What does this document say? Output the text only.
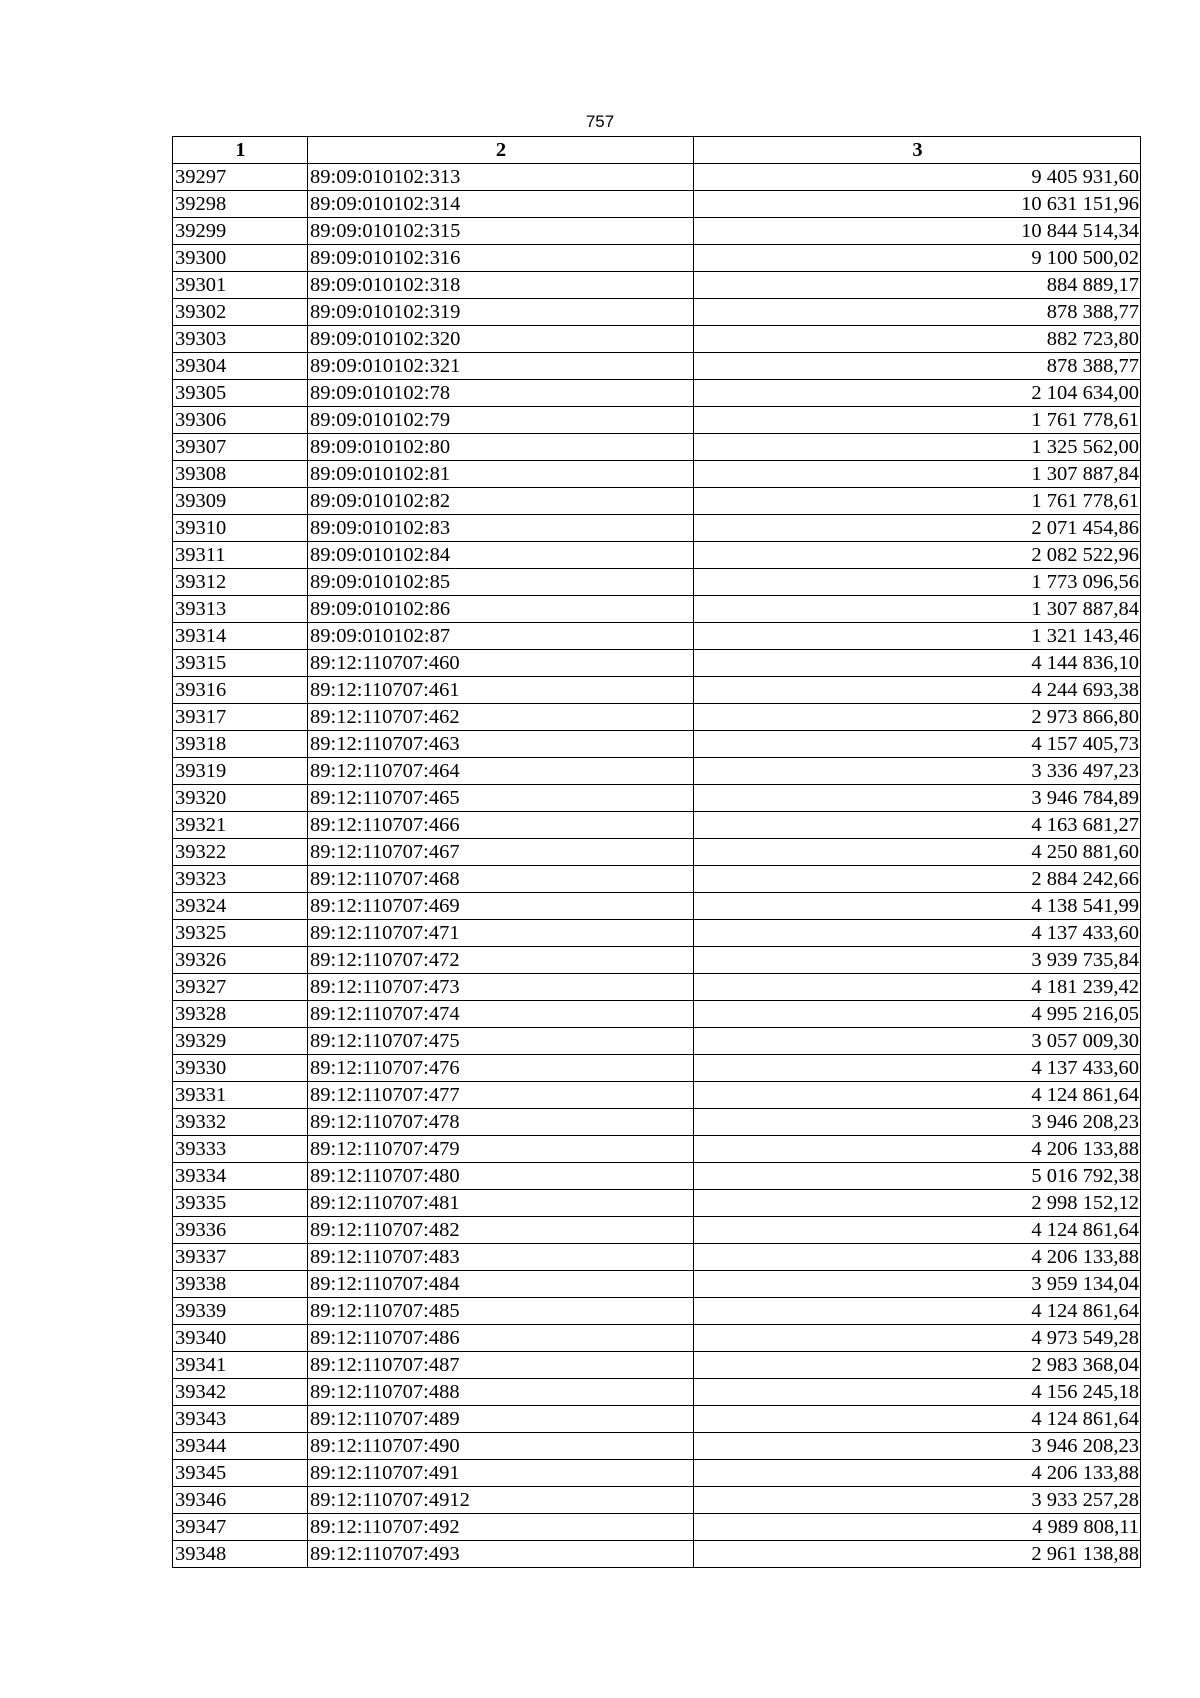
757
1	2	3
39297	89:09:010102:313	9 405 931,60
39298	89:09:010102:314	10 631 151,96
39299	89:09:010102:315	10 844 514,34
39300	89:09:010102:316	9 100 500,02
39301	89:09:010102:318	884 889,17
39302	89:09:010102:319	878 388,77
39303	89:09:010102:320	882 723,80
39304	89:09:010102:321	878 388,77
39305	89:09:010102:78	2 104 634,00
39306	89:09:010102:79	1 761 778,61
39307	89:09:010102:80	1 325 562,00
39308	89:09:010102:81	1 307 887,84
39309	89:09:010102:82	1 761 778,61
39310	89:09:010102:83	2 071 454,86
39311	89:09:010102:84	2 082 522,96
39312	89:09:010102:85	1 773 096,56
39313	89:09:010102:86	1 307 887,84
39314	89:09:010102:87	1 321 143,46
39315	89:12:110707:460	4 144 836,10
39316	89:12:110707:461	4 244 693,38
39317	89:12:110707:462	2 973 866,80
39318	89:12:110707:463	4 157 405,73
39319	89:12:110707:464	3 336 497,23
39320	89:12:110707:465	3 946 784,89
39321	89:12:110707:466	4 163 681,27
39322	89:12:110707:467	4 250 881,60
39323	89:12:110707:468	2 884 242,66
39324	89:12:110707:469	4 138 541,99
39325	89:12:110707:471	4 137 433,60
39326	89:12:110707:472	3 939 735,84
39327	89:12:110707:473	4 181 239,42
39328	89:12:110707:474	4 995 216,05
39329	89:12:110707:475	3 057 009,30
39330	89:12:110707:476	4 137 433,60
39331	89:12:110707:477	4 124 861,64
39332	89:12:110707:478	3 946 208,23
39333	89:12:110707:479	4 206 133,88
39334	89:12:110707:480	5 016 792,38
39335	89:12:110707:481	2 998 152,12
39336	89:12:110707:482	4 124 861,64
39337	89:12:110707:483	4 206 133,88
39338	89:12:110707:484	3 959 134,04
39339	89:12:110707:485	4 124 861,64
39340	89:12:110707:486	4 973 549,28
39341	89:12:110707:487	2 983 368,04
39342	89:12:110707:488	4 156 245,18
39343	89:12:110707:489	4 124 861,64
39344	89:12:110707:490	3 946 208,23
39345	89:12:110707:491	4 206 133,88
39346	89:12:110707:4912	3 933 257,28
39347	89:12:110707:492	4 989 808,11
39348	89:12:110707:493	2 961 138,88
